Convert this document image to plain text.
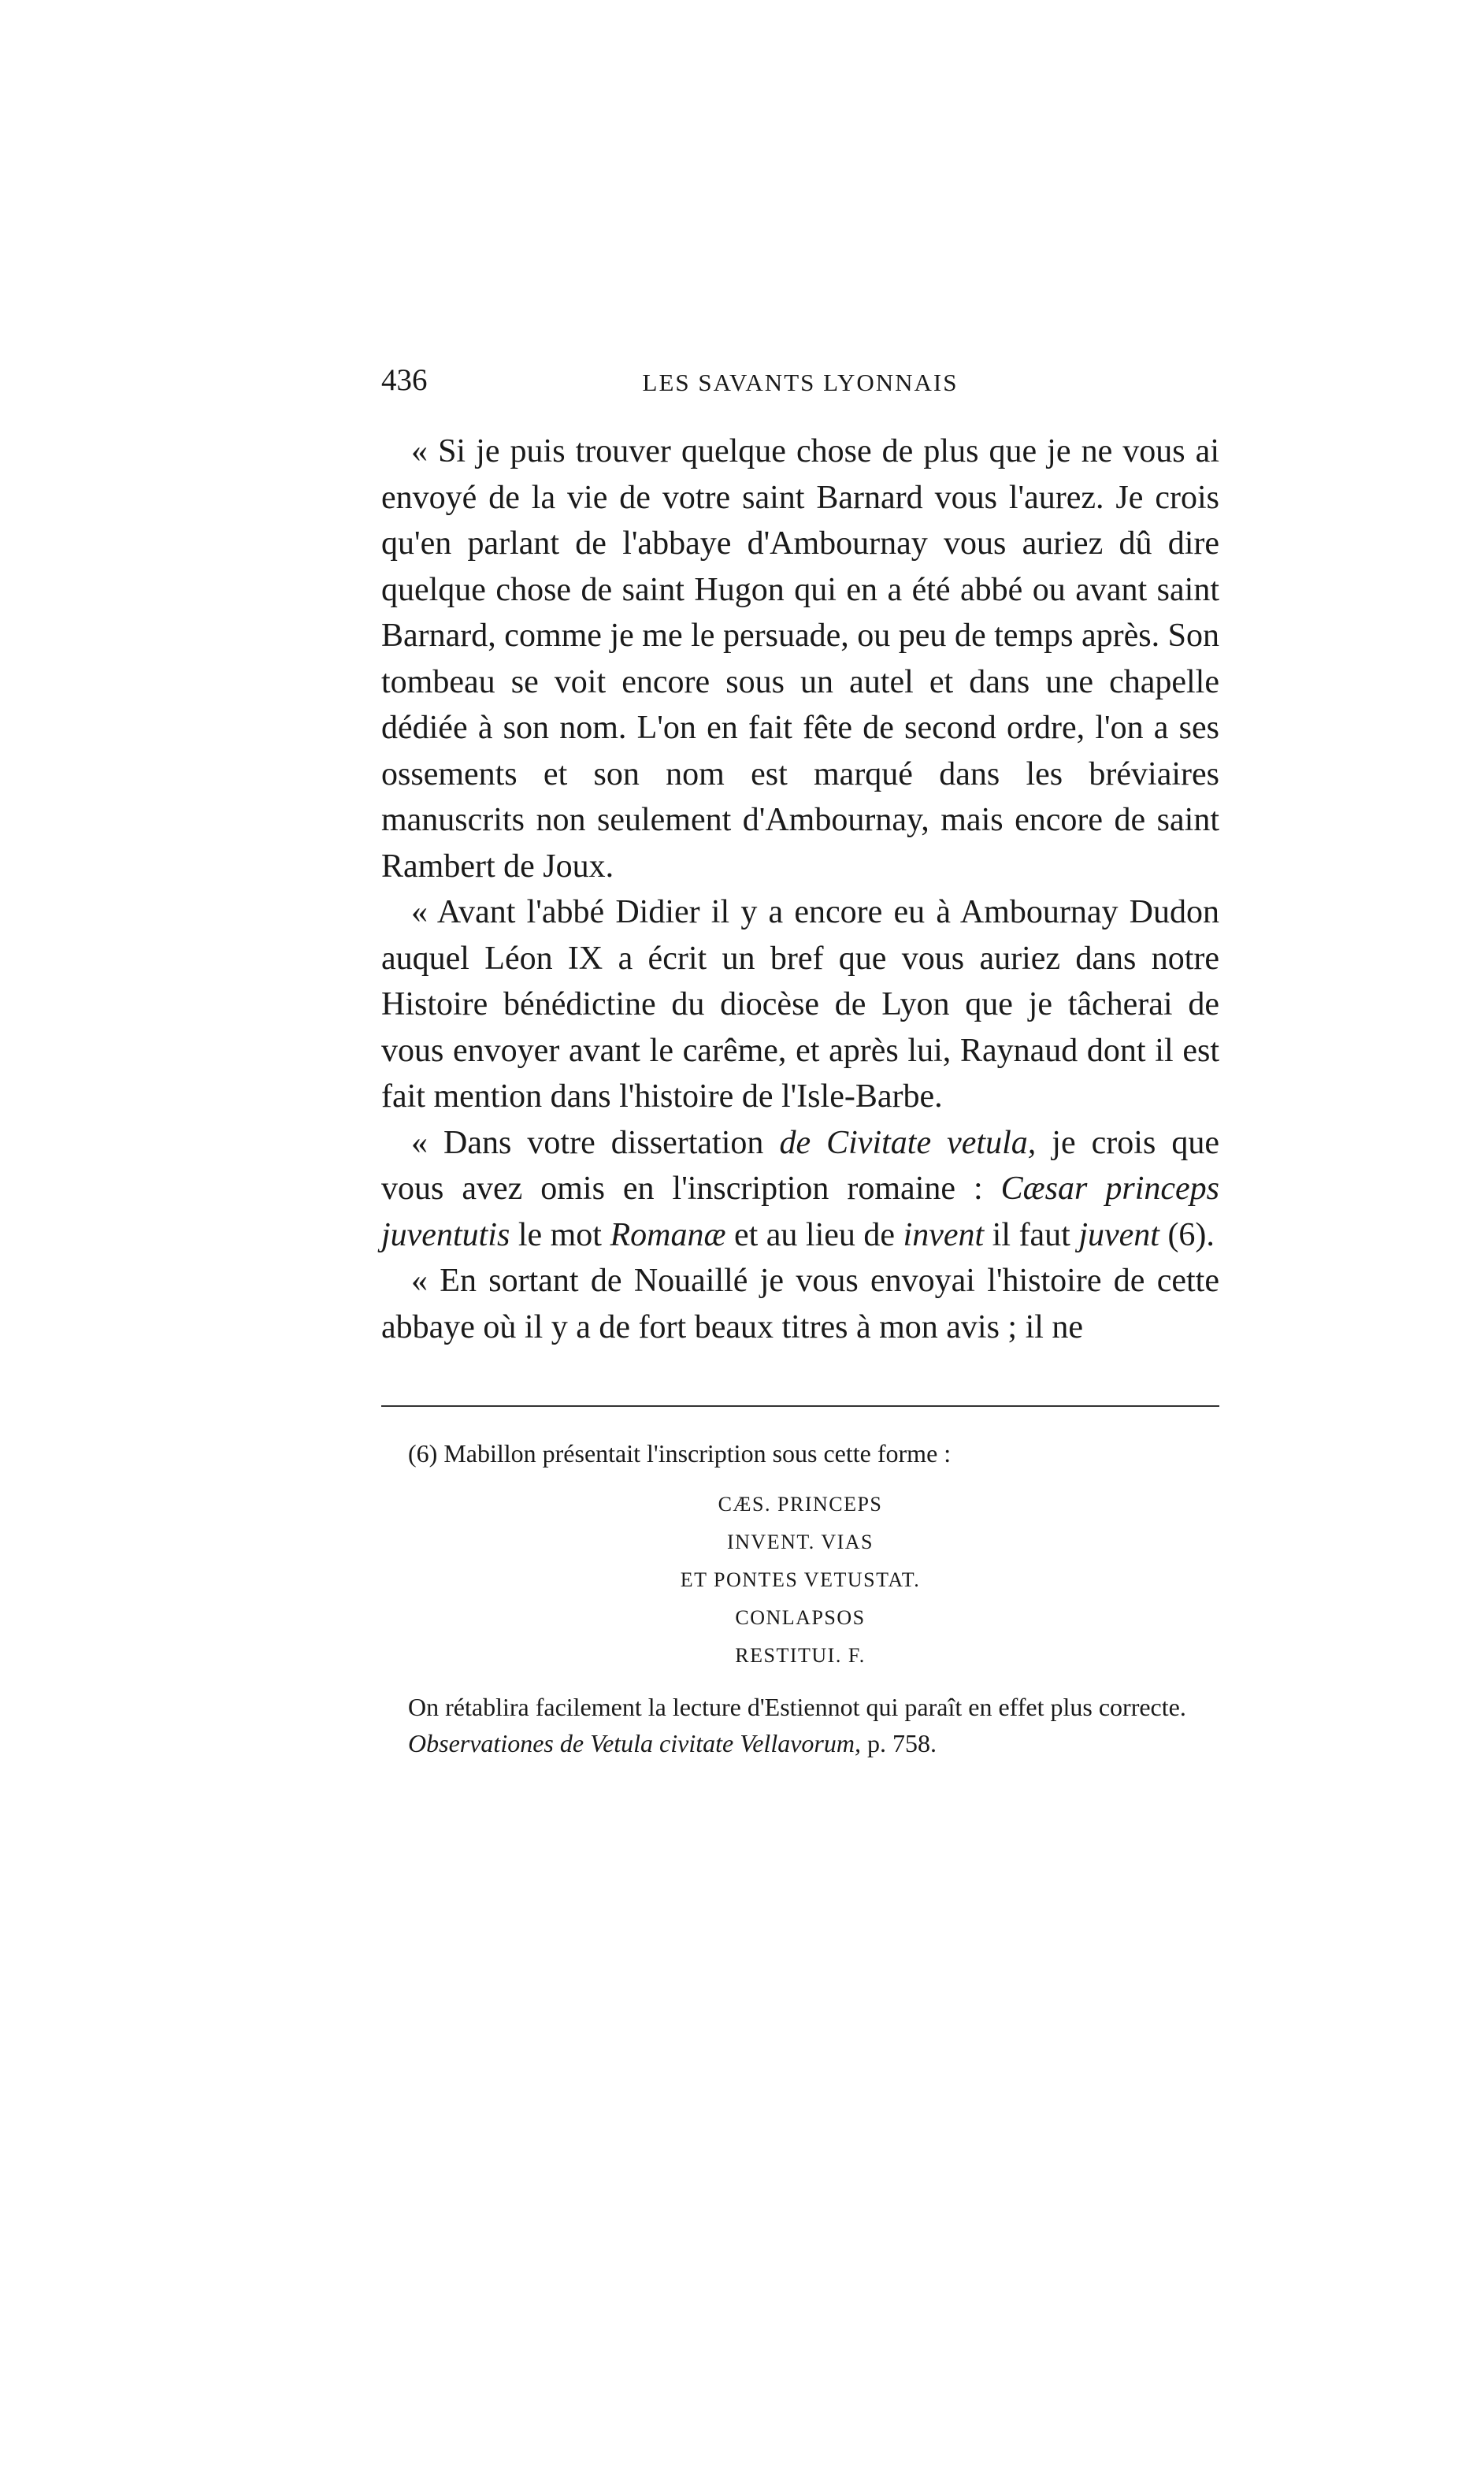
436	LES SAVANTS LYONNAIS

« Si je puis trouver quelque chose de plus que je ne vous ai envoyé de la vie de votre saint Barnard vous l'aurez. Je crois qu'en parlant de l'abbaye d'Ambournay vous auriez dû dire quelque chose de saint Hugon qui en a été abbé ou avant saint Barnard, comme je me le persuade, ou peu de temps après. Son tombeau se voit encore sous un autel et dans une chapelle dédiée à son nom. L'on en fait fête de second ordre, l'on a ses ossements et son nom est marqué dans les bréviaires manuscrits non seulement d'Ambournay, mais encore de saint Rambert de Joux.

« Avant l'abbé Didier il y a encore eu à Ambournay Dudon auquel Léon IX a écrit un bref que vous auriez dans notre Histoire bénédictine du diocèse de Lyon que je tâcherai de vous envoyer avant le carême, et après lui, Raynaud dont il est fait mention dans l'histoire de l'Isle-Barbe.

« Dans votre dissertation de Civitate vetula, je crois que vous avez omis en l'inscription romaine : Cæsar princeps juventutis le mot Romanæ et au lieu de invent il faut juvent (6).

« En sortant de Nouaillé je vous envoyai l'histoire de cette abbaye où il y a de fort beaux titres à mon avis ; il ne

(6) Mabillon présentait l'inscription sous cette forme :

CÆS. PRINCEPS
INVENT. VIAS
ET PONTES VETUSTAT.
CONLAPSOS
RESTITUI. F.

On rétablira facilement la lecture d'Estiennot qui paraît en effet plus correcte.

Observationes de Vetula civitate Vellavorum, p. 758.
